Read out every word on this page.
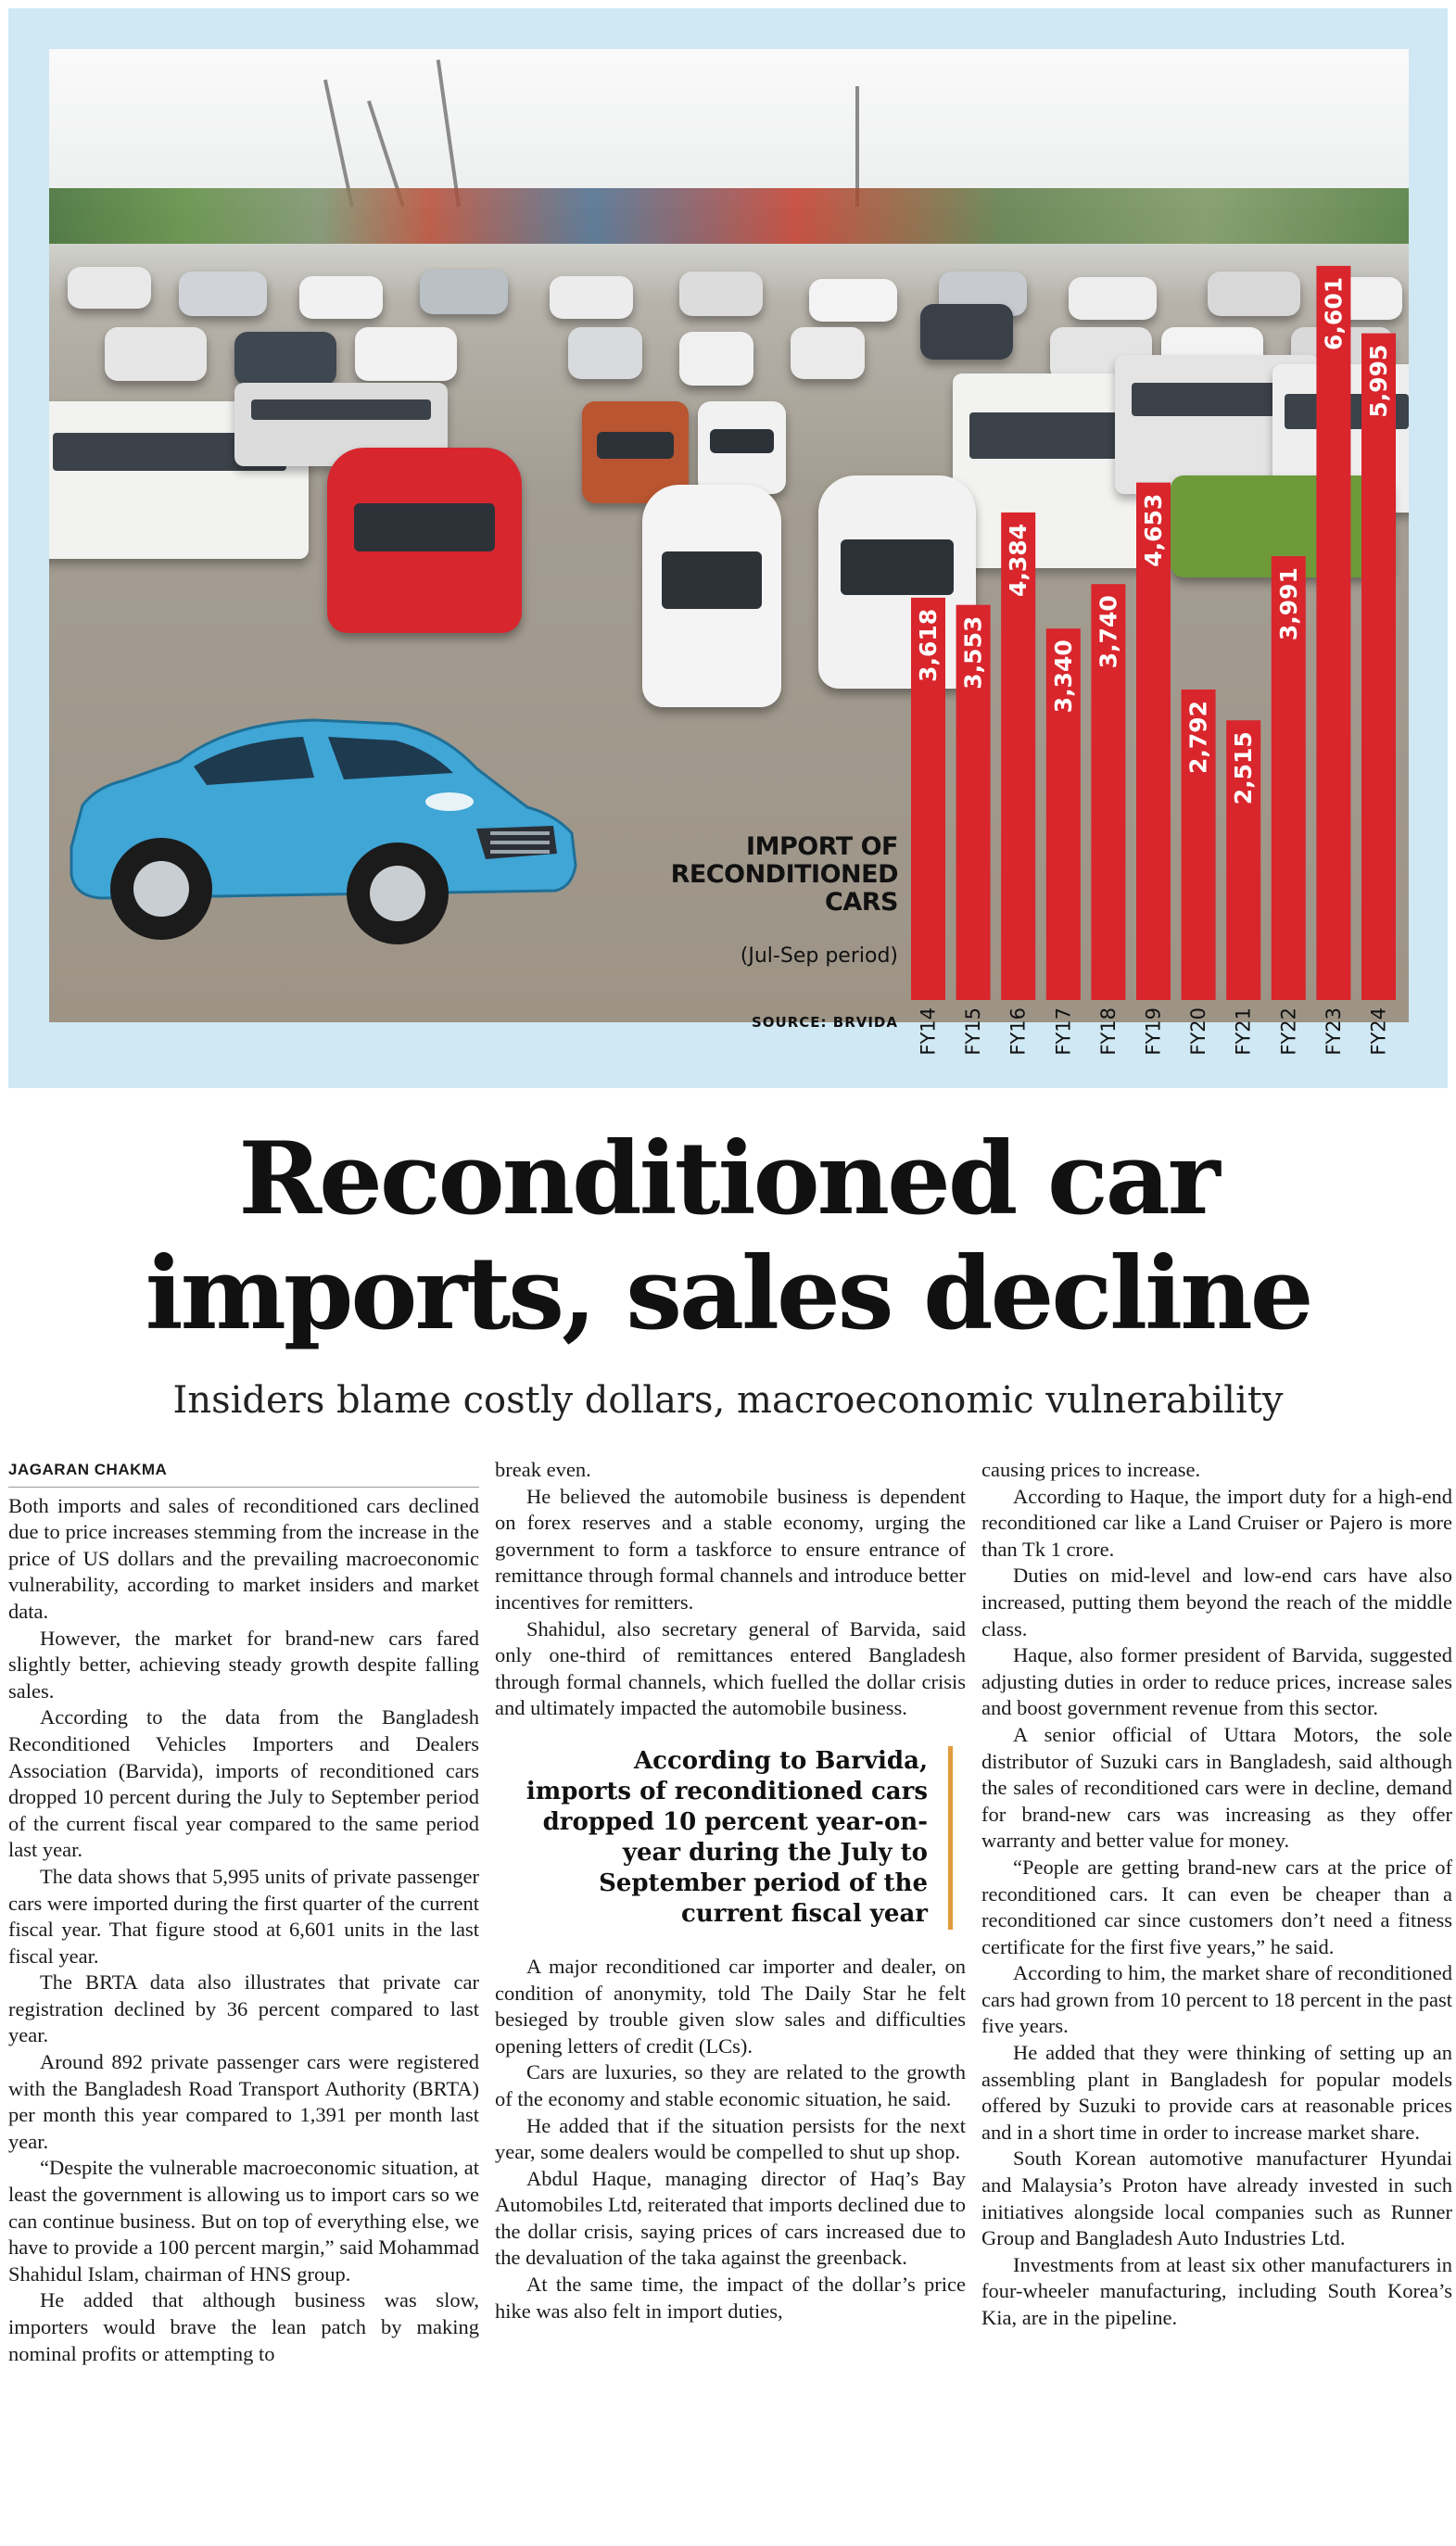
3,618 3,553
4,384
3,340
3,740
4,653
2,792 2,515
3,991
6,601
5,995
FY14 FY15 FY16 FY17 FY18 FY19 FY20 FY21 FY22 FY23 FY24
IMPORT OF
RECONDITIONED
CARS
(Jul-Sep period)
SOURCE: BRVIDA
Reconditioned car
imports, sales decline
Insiders blame costly dollars, macroeconomic vulnerability

JAGARAN CHAKMA

Both imports and sales of reconditioned cars declined due to price increases stemming from the increase in the price of US dollars and the prevailing macroeconomic vulnerability, according to market insiders and market data.

However, the market for brand-new cars fared slightly better, achieving steady growth despite falling sales.

According to the data from the Bangladesh Reconditioned Vehicles Importers and Dealers Association (Barvida), imports of reconditioned cars dropped 10 percent during the July to September period of the current fiscal year compared to the same period last year.

The data shows that 5,995 units of private passenger cars were imported during the first quarter of the current fiscal year. That figure stood at 6,601 units in the last fiscal year.

The BRTA data also illustrates that private car registration declined by 36 percent compared to last year.

Around 892 private passenger cars were registered with the Bangladesh Road Transport Authority (BRTA) per month this year compared to 1,391 per month last year.

“Despite the vulnerable macroeconomic situation, at least the government is allowing us to import cars so we can continue business. But on top of everything else, we have to provide a 100 percent margin,” said Mohammad Shahidul Islam, chairman of HNS group.

He added that although business was slow, importers would brave the lean patch by making nominal profits or attempting to

break even.

He believed the automobile business is dependent on forex reserves and a stable economy, urging the government to form a taskforce to ensure entrance of remittance through formal channels and introduce better incentives for remitters.

Shahidul, also secretary general of Barvida, said only one-third of remittances entered Bangladesh through formal channels, which fuelled the dollar crisis and ultimately impacted the automobile business.

According to Barvida, imports of reconditioned cars dropped 10 percent year-on-year during the July to September period of the current fiscal year

A major reconditioned car importer and dealer, on condition of anonymity, told The Daily Star he felt besieged by trouble given slow sales and difficulties opening letters of credit (LCs).

Cars are luxuries, so they are related to the growth of the economy and stable economic situation, he said.

He added that if the situation persists for the next year, some dealers would be compelled to shut up shop.

Abdul Haque, managing director of Haq’s Bay Automobiles Ltd, reiterated that imports declined due to the dollar crisis, saying prices of cars increased due to the devaluation of the taka against the greenback.

At the same time, the impact of the dollar’s price hike was also felt in import duties,

causing prices to increase.

According to Haque, the import duty for a high-end reconditioned car like a Land Cruiser or Pajero is more than Tk 1 crore.

Duties on mid-level and low-end cars have also increased, putting them beyond the reach of the middle class.

Haque, also former president of Barvida, suggested adjusting duties in order to reduce prices, increase sales and boost government revenue from this sector.

A senior official of Uttara Motors, the sole distributor of Suzuki cars in Bangladesh, said although the sales of reconditioned cars were in decline, demand for brand-new cars was increasing as they offer warranty and better value for money.

“People are getting brand-new cars at the price of reconditioned cars. It can even be cheaper than a reconditioned car since customers don’t need a fitness certificate for the first five years,” he said.

According to him, the market share of reconditioned cars had grown from 10 percent to 18 percent in the past five years.

He added that they were thinking of setting up an assembling plant in Bangladesh for popular models offered by Suzuki to provide cars at reasonable prices and in a short time in order to increase market share.

South Korean automotive manufacturer Hyundai and Malaysia’s Proton have already invested in such initiatives alongside local companies such as Runner Group and Bangladesh Auto Industries Ltd.

Investments from at least six other manufacturers in four-wheeler manufacturing, including South Korea’s Kia, are in the pipeline.
